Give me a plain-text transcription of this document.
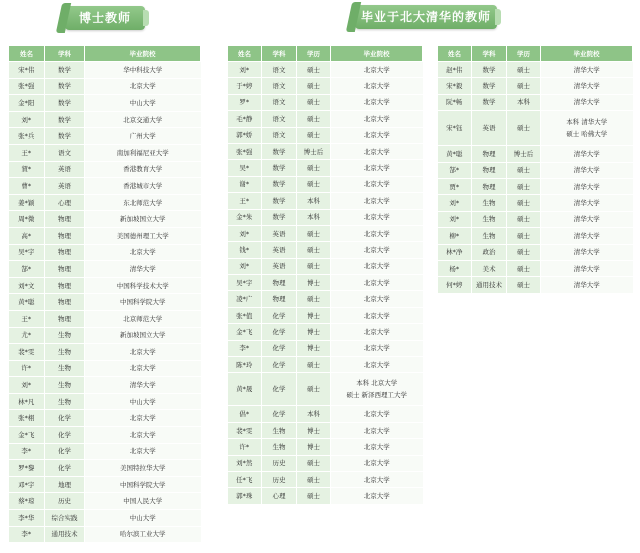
博士教师	毕业于北大清华的教师
姓名	学科	毕业院校
宋*伟	数学	华中科技大学
张*强	数学	北京大学
金*阳	数学	中山大学
刘*	数学	北京交通大学
张*兵	数学	广州大学
王*	语文	南加利福尼亚大学
賀*	英语	香港教育大学
曹*	英语	香港城市大学
姜*颖	心理	东北师范大学
周*微	物理	新加坡国立大学
高*	物理	美国德州理工大学
吴*宇	物理	北京大学
郜*	物理	清华大学
刘*文	物理	中国科学技术大学
黄*聪	物理	中国科学院大学
王*	物理	北京师范大学
尤*	生物	新加坡国立大学
裴*雯	生物	北京大学
许*	生物	北京大学
刘*	生物	清华大学
林*凡	生物	中山大学
张*栩	化学	北京大学
金*飞	化学	北京大学
李*	化学	北京大学
罗*黎	化学	美国特拉华大学
邓*宇	地理	中国科学院大学
蔡*琼	历史	中国人民大学
李*华	综合实践	中山大学
李*	通用技术	哈尔滨工业大学
姓名	学科	学历	毕业院校
刘*	语文	硕士	北京大学

于*婷	语文	硕士	北京大学

罗*	语文	硕士	北京大学

毛*静	语文	硕士	北京大学

郭*娇	语文	硕士	北京大学

张*强	数学	博士后	北京大学

吴*	数学	硕士	北京大学

谢*	数学	硕士	北京大学

王*	数学	本科	北京大学

金*朱	数学	本科	北京大学

刘*	英语	硕士	北京大学

钱*	英语	硕士	北京大学

刘*	英语	硕士	北京大学

吴*宇	物理	博士	北京大学

凌*广	物理	硕士	北京大学

张*值	化学	博士	北京大学

金*飞	化学	博士	北京大学

李*	化学	博士	北京大学

陈*玲	化学	硕士	北京大学

黄*晟	化学	硕士	本科 北京大学
硕士 新泽西理工大学

倡*	化学	本科	北京大学

裴*雯	生物	博士	北京大学

许*	生物	博士	北京大学

刘*然	历史	硕士	北京大学

任*飞	历史	硕士	北京大学

郭*珠	心理	硕士	北京大学
姓名	学科	学历	毕业院校
赵*伟	数学	硕士	清华大学

宋*毅	数学	硕士	清华大学

阮*畅	数学	本科	清华大学

宋*钰	英语	硕士	本科 清华大学
硕士 哈佛大学

黄*聪	物理	博士后	清华大学

郜*	物理	硕士	清华大学

贾*	物理	硕士	清华大学

刘*	生物	硕士	清华大学

刘*	生物	硕士	清华大学

柳*	生物	硕士	清华大学

林*净	政治	硕士	清华大学

杨*	美术	硕士	清华大学

何*婷	通用技术	硕士	清华大学
